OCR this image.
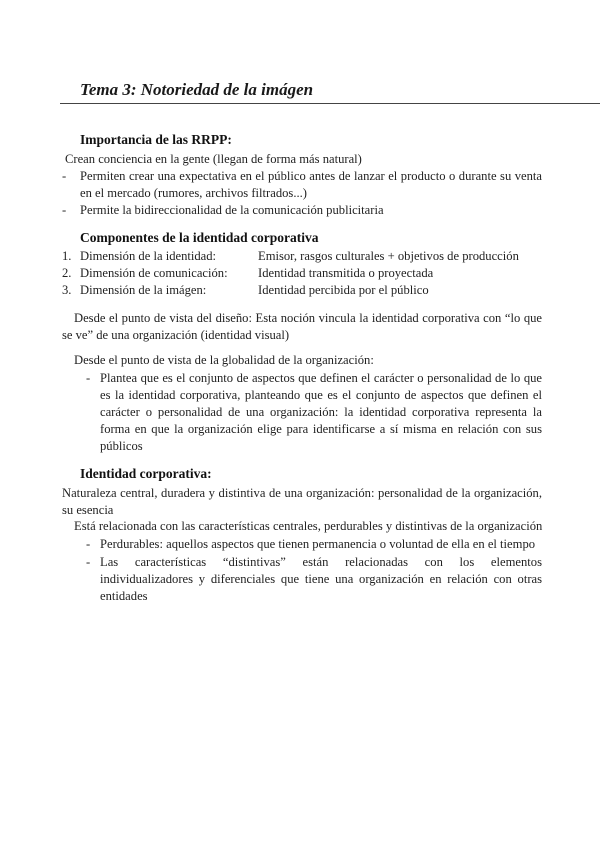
Tema 3: Notoriedad de la imágen
Importancia de las RRPP:
Crean conciencia en la gente (llegan de forma más natural)
- Permiten crear una expectativa en el público antes de lanzar el producto o durante su venta en el mercado (rumores, archivos filtrados...)
- Permite la bidireccionalidad de la comunicación publicitaria
Componentes de la identidad corporativa
1. Dimensión de la identidad:	Emisor, rasgos culturales + objetivos de producción
2. Dimensión de comunicación: Identidad transmitida o proyectada
3. Dimensión de la imágen:	Identidad percibida por el público
Desde el punto de vista del diseño: Esta noción vincula la identidad corporativa con “lo que se ve” de una organización (identidad visual)
Desde el punto de vista de la globalidad de la organización:
- Plantea que es el conjunto de aspectos que definen el carácter o personalidad de lo que es la identidad corporativa, planteando que es el conjunto de aspectos que definen el carácter o personalidad de una organización: la identidad corporativa representa la forma en que la organización elige para identificarse a sí misma en relación con sus públicos
Identidad corporativa:
Naturaleza central, duradera y distintiva de una organización: personalidad de la organización, su esencia
Está relacionada con las características centrales, perdurables y distintivas de la organización
- Perdurables: aquellos aspectos que tienen permanencia o voluntad de ella en el tiempo
- Las características “distintivas” están relacionadas con los elementos individualizadores y diferenciales que tiene una organización en relación con otras entidades
